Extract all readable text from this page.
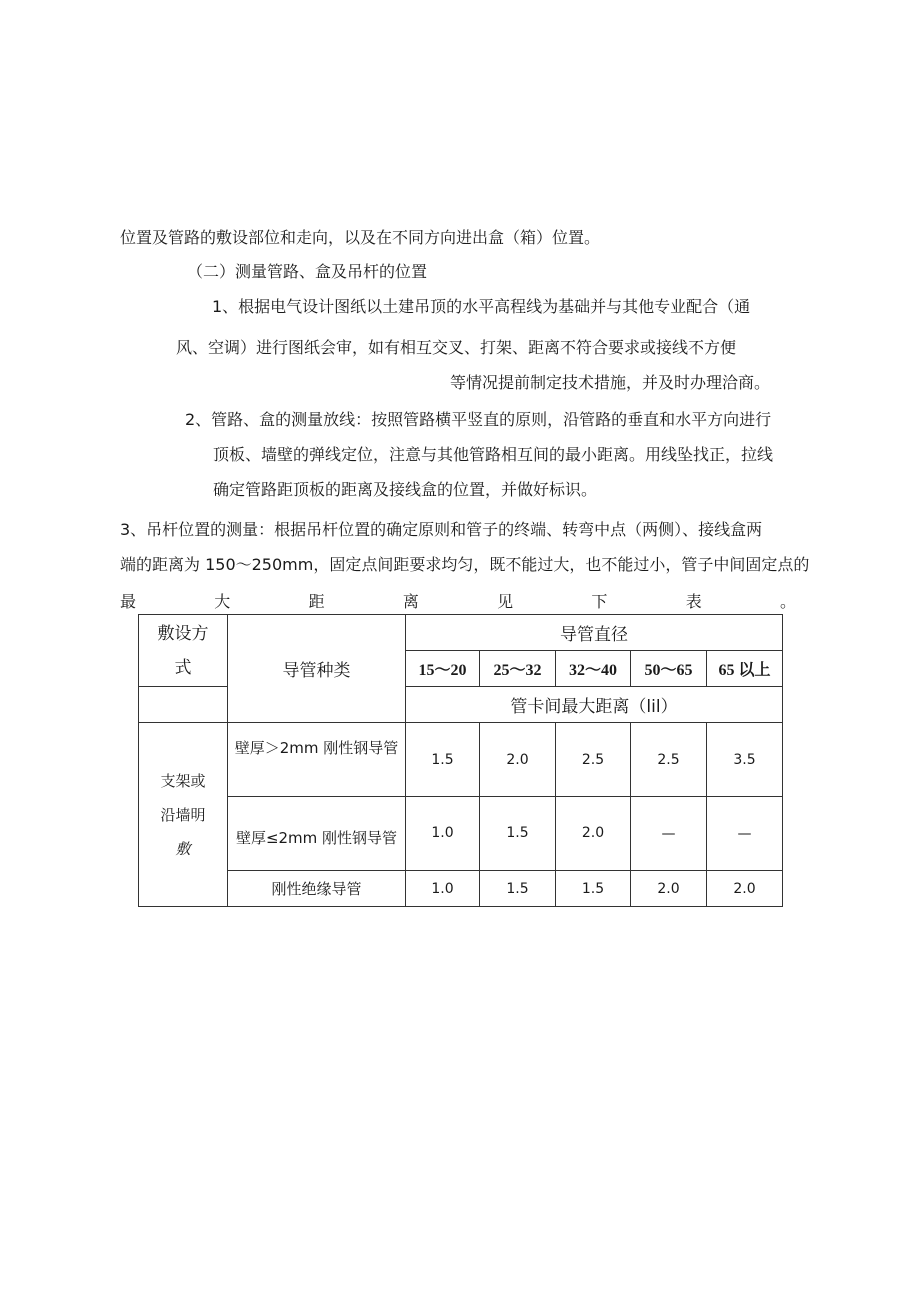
位置及管路的敷设部位和走向，以及在不同方向进出盒（箱）位置。
（二）测量管路、盒及吊杆的位置
1、根据电气设计图纸以土建吊顶的水平高程线为基础并与其他专业配合（通
风、空调）进行图纸会审，如有相互交叉、打架、距离不符合要求或接线不方便
等情况提前制定技术措施，并及时办理洽商。
2、管路、盒的测量放线：按照管路横平竖直的原则，沿管路的垂直和水平方向进行
顶板、墙壁的弹线定位，注意与其他管路相互间的最小距离。用线坠找正，拉线
确定管路距顶板的距离及接线盒的位置，并做好标识。
3、吊杆位置的测量：根据吊杆位置的确定原则和管子的终端、转弯中点（两侧）、接线盒两
端的距离为 150～250mm，固定点间距要求均匀，既不能过大，也不能过小，管子中间固定点的
最	大	距	离	见	下	表	。
敷设方
式	导管种类	导管直径				
		15～20	25～32	32～40	50～65	65 以上
		管卡间最大距离（lil）				

支架或
沿墙明
敷	壁厚＞2mm 刚性钢导管	1.5	2.0	2.5	2.5	3.5
	壁厚≤2mm 刚性钢导管	1.0	1.5	2.0	—	—
	刚性绝缘导管	1.0	1.5	1.5	2.0	2.0
